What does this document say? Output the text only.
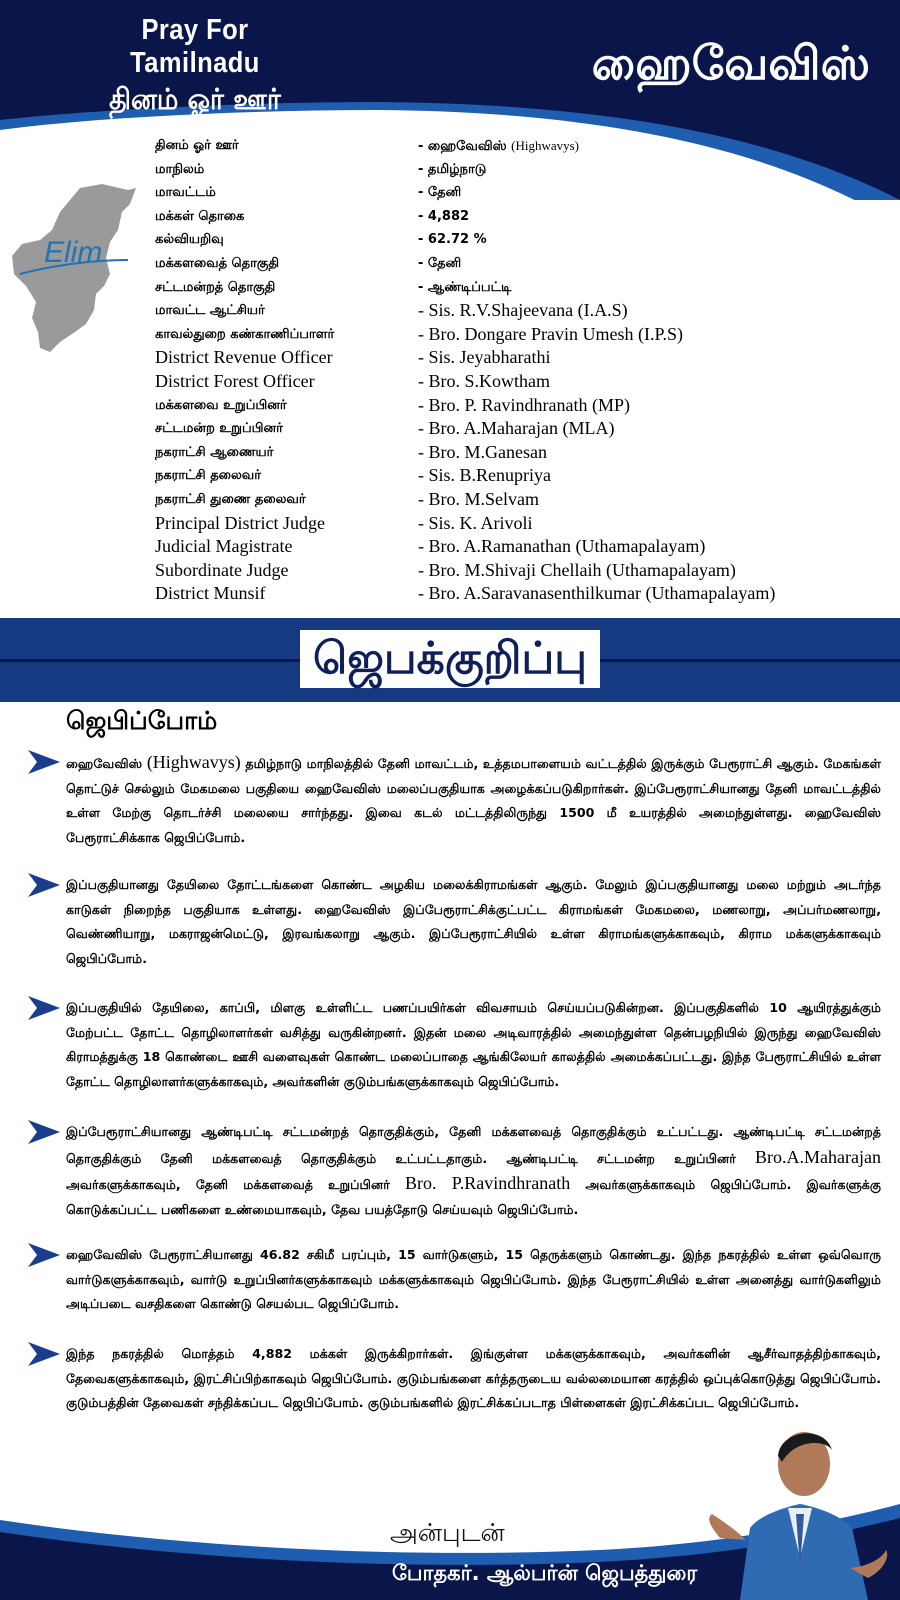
Pray For Tamilnadu
தினம் ஓர் ஊர்
ஹைவேவிஸ்
Elim
தினம் ஓர் ஊர்	- ஹைவேவிஸ் (Highwavys)
மாநிலம்	- தமிழ்நாடு
மாவட்டம்	- தேனி
மக்கள் தொகை	- 4,882
கல்வியறிவு	- 62.72 %
மக்களவைத் தொகுதி	- தேனி
சட்டமன்றத் தொகுதி	- ஆண்டிப்பட்டி
மாவட்ட ஆட்சியர்	- Sis. R.V.Shajeevana (I.A.S)
காவல்துறை கண்காணிப்பாளர்	- Bro. Dongare Pravin Umesh (I.P.S)
District Revenue Officer	- Sis. Jeyabharathi
District Forest Officer	- Bro. S.Kowtham
மக்களவை உறுப்பினர்	- Bro. P. Ravindhranath (MP)
சட்டமன்ற உறுப்பினர்	- Bro. A.Maharajan (MLA)
நகராட்சி ஆணையர்	- Bro. M.Ganesan
நகராட்சி தலைவர்	- Sis. B.Renupriya
நகராட்சி துணை தலைவர்	- Bro. M.Selvam
Principal District Judge	- Sis. K. Arivoli
Judicial Magistrate	- Bro. A.Ramanathan (Uthamapalayam)
Subordinate Judge	- Bro. M.Shivaji Chellaih (Uthamapalayam)
District Munsif	- Bro. A.Saravanasenthilkumar (Uthamapalayam)
ஜெபக்குறிப்பு
ஜெபிப்போம்
ஹைவேவிஸ் (Highwavys) தமிழ்நாடு மாநிலத்தில் தேனி மாவட்டம், உத்தமபாளையம் வட்டத்தில் இருக்கும் பேரூராட்சி ஆகும். மேகங்கள் தொட்டுச் செல்லும் மேகமலை பகுதியை ஹைவேவிஸ் மலைப்பகுதியாக அழைக்கப்படுகிறார்கள். இப்பேரூராட்சியானது தேனி மாவட்டத்தில் உள்ள மேற்கு தொடர்ச்சி மலையை சார்ந்தது. இவை கடல் மட்டத்திலிருந்து 1500 மீ உயரத்தில் அமைந்துள்ளது. ஹைவேவிஸ் பேரூராட்சிக்காக ஜெபிப்போம்.
இப்பகுதியானது தேயிலை தோட்டங்களை கொண்ட அழகிய மலைக்கிராமங்கள் ஆகும். மேலும் இப்பகுதியானது மலை மற்றும் அடர்ந்த காடுகள் நிறைந்த பகுதியாக உள்ளது. ஹைவேவிஸ் இப்பேரூராட்சிக்குட்பட்ட கிராமங்கள் மேகமலை, மணலாறு, அப்பர்மணலாறு, வெண்ணியாறு, மகராஜன்மெட்டு, இரவங்கலாறு ஆகும். இப்பேரூராட்சியில் உள்ள கிராமங்களுக்காகவும், கிராம மக்களுக்காகவும் ஜெபிப்போம்.
இப்பகுதியில் தேயிலை, காப்பி, மிளகு உள்ளிட்ட பணப்பயிர்கள் விவசாயம் செய்யப்படுகின்றன. இப்பகுதிகளில் 10 ஆயிரத்துக்கும் மேற்பட்ட தோட்ட தொழிலாளர்கள் வசித்து வருகின்றனர். இதன் மலை அடிவாரத்தில் அமைந்துள்ள தென்பழநியில் இருந்து ஹைவேவிஸ் கிராமத்துக்கு 18 கொண்டை ஊசி வளைவுகள் கொண்ட மலைப்பாதை ஆங்கிலேயர் காலத்தில் அமைக்கப்பட்டது. இந்த பேரூராட்சியில் உள்ள தோட்ட தொழிலாளர்களுக்காகவும், அவர்களின் குடும்பங்களுக்காகவும் ஜெபிப்போம்.
இப்பேரூராட்சியானது ஆண்டிபட்டி சட்டமன்றத் தொகுதிக்கும், தேனி மக்களவைத் தொகுதிக்கும் உட்பட்டது. ஆண்டிபட்டி சட்டமன்றத் தொகுதிக்கும் தேனி மக்களவைத் தொகுதிக்கும் உட்பட்டதாகும். ஆண்டிபட்டி சட்டமன்ற உறுப்பினர் Bro.A.Maharajan அவர்களுக்காகவும், தேனி மக்களவைத் உறுப்பினர் Bro. P.Ravindhranath அவர்களுக்காகவும் ஜெபிப்போம். இவர்களுக்கு கொடுக்கப்பட்ட பணிகளை உண்மையாகவும், தேவ பயத்தோடு செய்யவும் ஜெபிப்போம்.
ஹைவேவிஸ் பேரூராட்சியானது 46.82 சகிமீ பரப்பும், 15 வார்டுகளும், 15 தெருக்களும் கொண்டது. இந்த நகரத்தில் உள்ள ஒவ்வொரு வார்டுகளுக்காகவும், வார்டு உறுப்பினர்களுக்காகவும் மக்களுக்காகவும் ஜெபிப்போம். இந்த பேரூராட்சியில் உள்ள அனைத்து வார்டுகளிலும் அடிப்படை வசதிகளை கொண்டு செயல்பட ஜெபிப்போம்.
இந்த நகரத்தில் மொத்தம் 4,882 மக்கள் இருக்கிறார்கள். இங்குள்ள மக்களுக்காகவும், அவர்களின் ஆசீர்வாதத்திற்காகவும், தேவைகளுக்காகவும், இரட்சிப்பிற்காகவும் ஜெபிப்போம். குடும்பங்களை கர்த்தருடைய வல்லமையான கரத்தில் ஒப்புக்கொடுத்து ஜெபிப்போம். குடும்பத்தின் தேவைகள் சந்திக்கப்பட ஜெபிப்போம். குடும்பங்களில் இரட்சிக்கப்படாத பிள்ளைகள் இரட்சிக்கப்பட ஜெபிப்போம்.
அன்புடன்
போதகர். ஆல்பர்ன் ஜெபத்துரை
